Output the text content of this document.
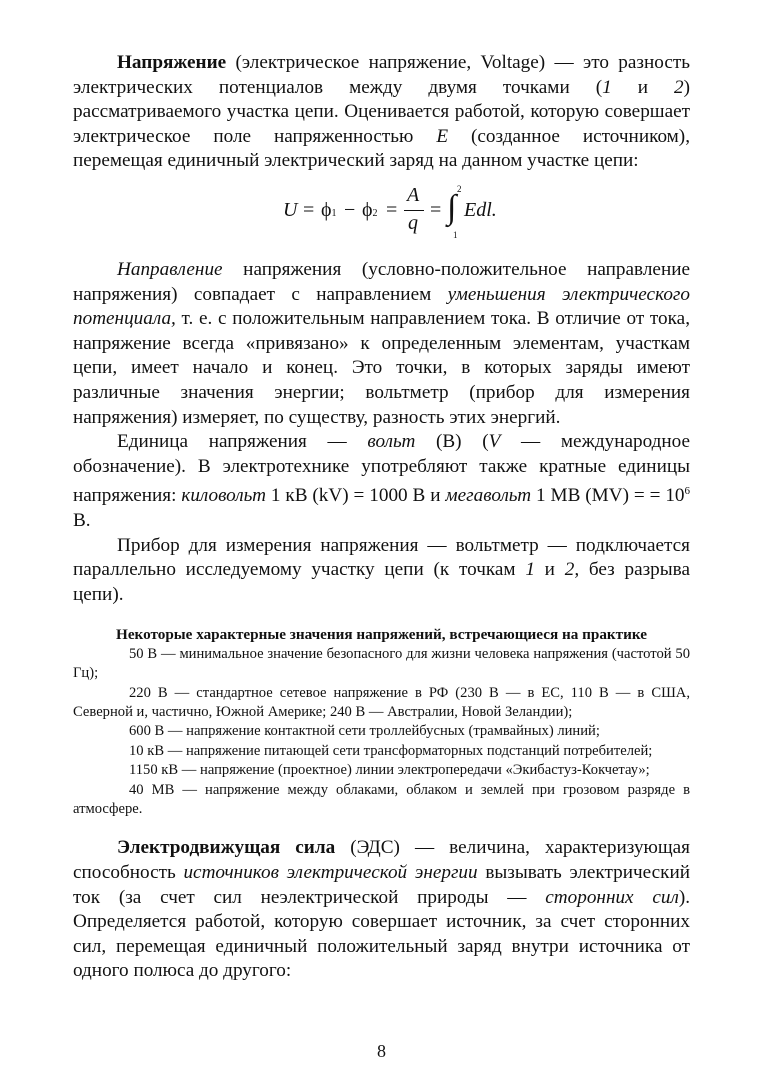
Напряжение (электрическое напряжение, Voltage) — это разность электрических потенциалов между двумя точками (1 и 2) рассматриваемого участка цепи. Оценивается работой, которую совершает электрическое поле напряженностью E (созданное источником), перемещая единичный электрический заряд на данном участке цепи:

U = ϕ1 − ϕ2 =
A
q
= ∫ 2
1
Edl.

Направление напряжения (условно-положительное направление напряжения) совпадает с направлением уменьшения электрического потенциала, т. е. с положительным направлением тока. В отличие от тока, напряжение всегда «привязано» к определенным элементам, участкам цепи, имеет начало и конец. Это точки, в которых заряды имеют различные значения энергии; вольтметр (прибор для измерения напряжения) измеряет, по существу, разность этих энергий.

Единица напряжения — вольт (В) (V — международное обозначение). В электротехнике употребляют также кратные единицы напряжения: киловольт 1 кВ (kV) = 1000 В и мегавольт 1 МВ (MV) = = $10^6$ В.

Прибор для измерения напряжения — вольтметр — подключается параллельно исследуемому участку цепи (к точкам 1 и 2, без разрыва цепи).

Некоторые характерные значения напряжений, встречающиеся на практике

50 В — минимальное значение безопасного для жизни человека напряжения (частотой 50 Гц);

220 В — стандартное сетевое напряжение в РФ (230 В — в ЕС, 110 В — в США, Северной и, частично, Южной Америке; 240 В — Австралии, Новой Зеландии);

600 В — напряжение контактной сети троллейбусных (трамвайных) линий;

10 кВ — напряжение питающей сети трансформаторных подстанций потребителей;

1150 кВ — напряжение (проектное) линии электропередачи «Экибастуз-Кокчетау»;

40 МВ — напряжение между облаками, облаком и землей при грозовом разряде в атмосфере.

Электродвижущая сила (ЭДС) — величина, характеризующая способность источников электрической энергии вызывать электрический ток (за счет сил неэлектрической природы — сторонних сил). Определяется работой, которую совершает источник, за счет сторонних сил, перемещая единичный положительный заряд внутри источника от одного полюса до другого:

8
